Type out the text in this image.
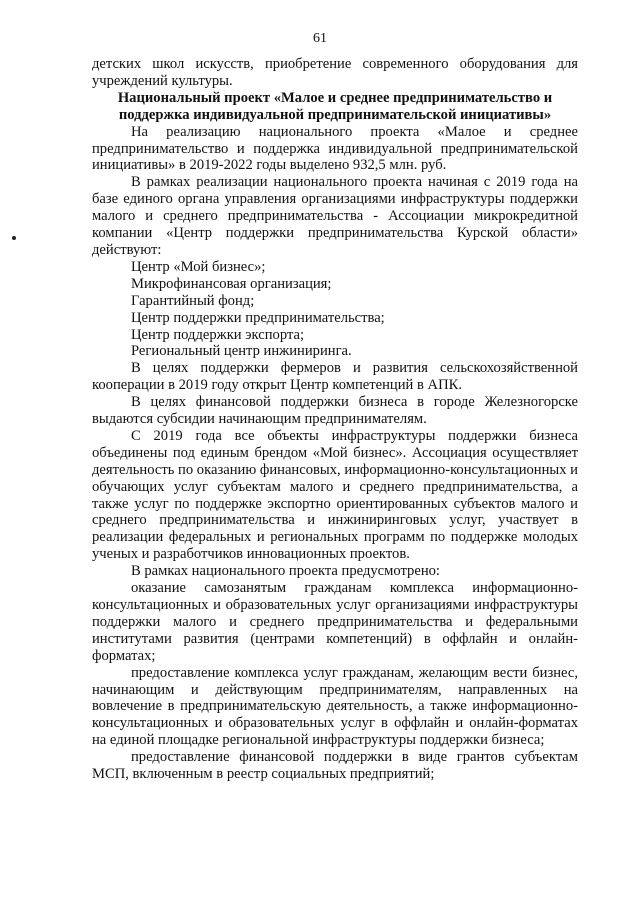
61

детских школ искусств, приобретение современного оборудования для учреждений культуры.

Национальный проект «Малое и среднее предпринимательство и поддержка индивидуальной предпринимательской инициативы»

На реализацию национального проекта «Малое и среднее предпринимательство и поддержка индивидуальной предпринимательской инициативы» в 2019-2022 годы выделено 932,5 млн. руб.

В рамках реализации национального проекта начиная с 2019 года на базе единого органа управления организациями инфраструктуры поддержки малого и среднего предпринимательства - Ассоциации микрокредитной компании «Центр поддержки предпринимательства Курской области» действуют:

Центр «Мой бизнес»;

Микрофинансовая организация;

Гарантийный фонд;

Центр поддержки предпринимательства;

Центр поддержки экспорта;

Региональный центр инжиниринга.

В целях поддержки фермеров и развития сельскохозяйственной кооперации в 2019 году открыт Центр компетенций в АПК.

В целях финансовой поддержки бизнеса в городе Железногорске выдаются субсидии начинающим предпринимателям.

С 2019 года все объекты инфраструктуры поддержки бизнеса объединены под единым брендом «Мой бизнес». Ассоциация осуществляет деятельность по оказанию финансовых, информационно-консультационных и обучающих услуг субъектам малого и среднего предпринимательства, а также услуг по поддержке экспортно ориентированных субъектов малого и среднего предпринимательства и инжиниринговых услуг, участвует в реализации федеральных и региональных программ по поддержке молодых ученых и разработчиков инновационных проектов.

В рамках национального проекта предусмотрено:

оказание самозанятым гражданам комплекса информационно-консультационных и образовательных услуг организациями инфраструктуры поддержки малого и среднего предпринимательства и федеральными институтами развития (центрами компетенций) в оффлайн и онлайн-форматах;

предоставление комплекса услуг гражданам, желающим вести бизнес, начинающим и действующим предпринимателям, направленных на вовлечение в предпринимательскую деятельность, а также информационно-консультационных и образовательных услуг в оффлайн и онлайн-форматах на единой площадке региональной инфраструктуры поддержки бизнеса;

предоставление финансовой поддержки в виде грантов субъектам МСП, включенным в реестр социальных предприятий;
